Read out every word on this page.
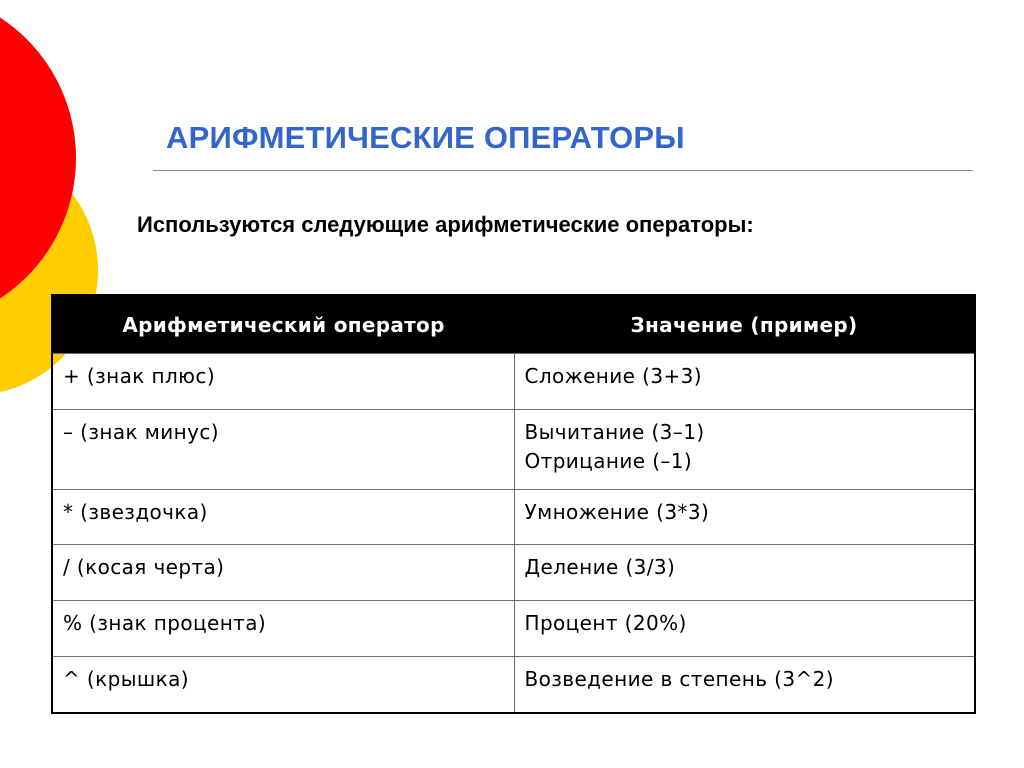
АРИФМЕТИЧЕСКИЕ ОПЕРАТОРЫ

Используются следующие арифметические операторы:

Арифметический оператор	Значение (пример)
+ (знак плюс)	Сложение (3+3)

– (знак минус)	Вычитание (3–1)
Отрицание (–1)

* (звездочка)	Умножение (3*3)

/ (косая черта)	Деление (3/3)

% (знак процента)	Процент (20%)

^ (крышка)	Возведение в степень (3^2)
